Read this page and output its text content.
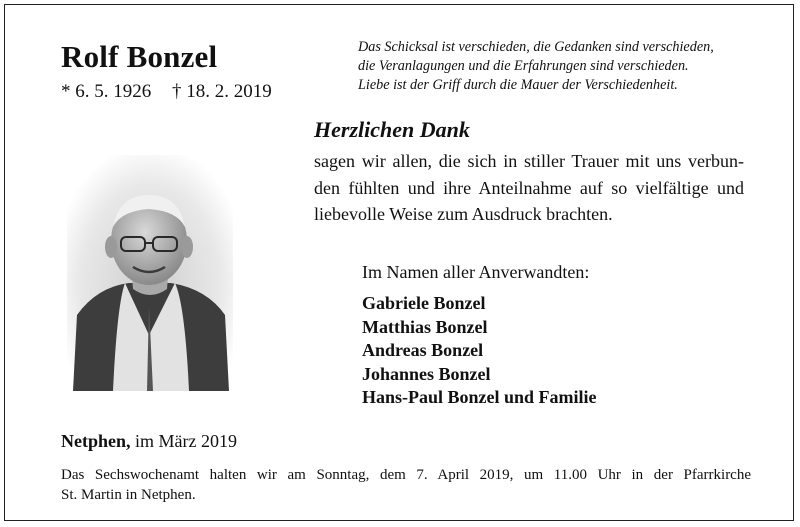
Rolf Bonzel
* 6. 5. 1926 † 18. 2. 2019
Das Schicksal ist verschieden, die Gedanken sind verschieden,
die Veranlagungen und die Erfahrungen sind verschieden.
Liebe ist der Griff durch die Mauer der Verschiedenheit.
Herzlichen Dank
sagen wir allen, die sich in stiller Trauer mit uns verbun-
den fühlten und ihre Anteilnahme auf so vielfältige und
liebevolle Weise zum Ausdruck brachten.
Im Namen aller Anverwandten:
Gabriele Bonzel
Matthias Bonzel
Andreas Bonzel
Johannes Bonzel
Hans-Paul Bonzel und Familie
Netphen, im März 2019
Das Sechswochenamt halten wir am Sonntag, dem 7. April 2019, um 11.00 Uhr in der Pfarrkirche
St. Martin in Netphen.
